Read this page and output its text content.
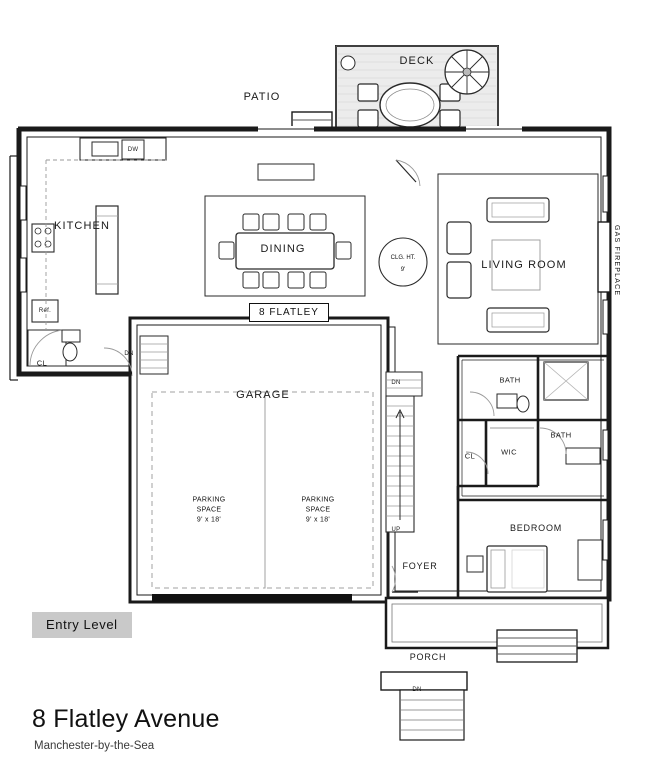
DECK
PATIO
KITCHEN
DINING
LIVING ROOM
GARAGE
BATH
BATH
WIC
CL
CL
BEDROOM
FOYER
PORCH
GAS FIREPLACE
CLG. HT.
9'
DW
Ref.
DN
DN
UP
DN
PARKING
SPACE
9' x 18'
PARKING
SPACE
9' x 18'
8 FLATLEY
Entry Level
8 Flatley Avenue
Manchester-by-the-Sea
